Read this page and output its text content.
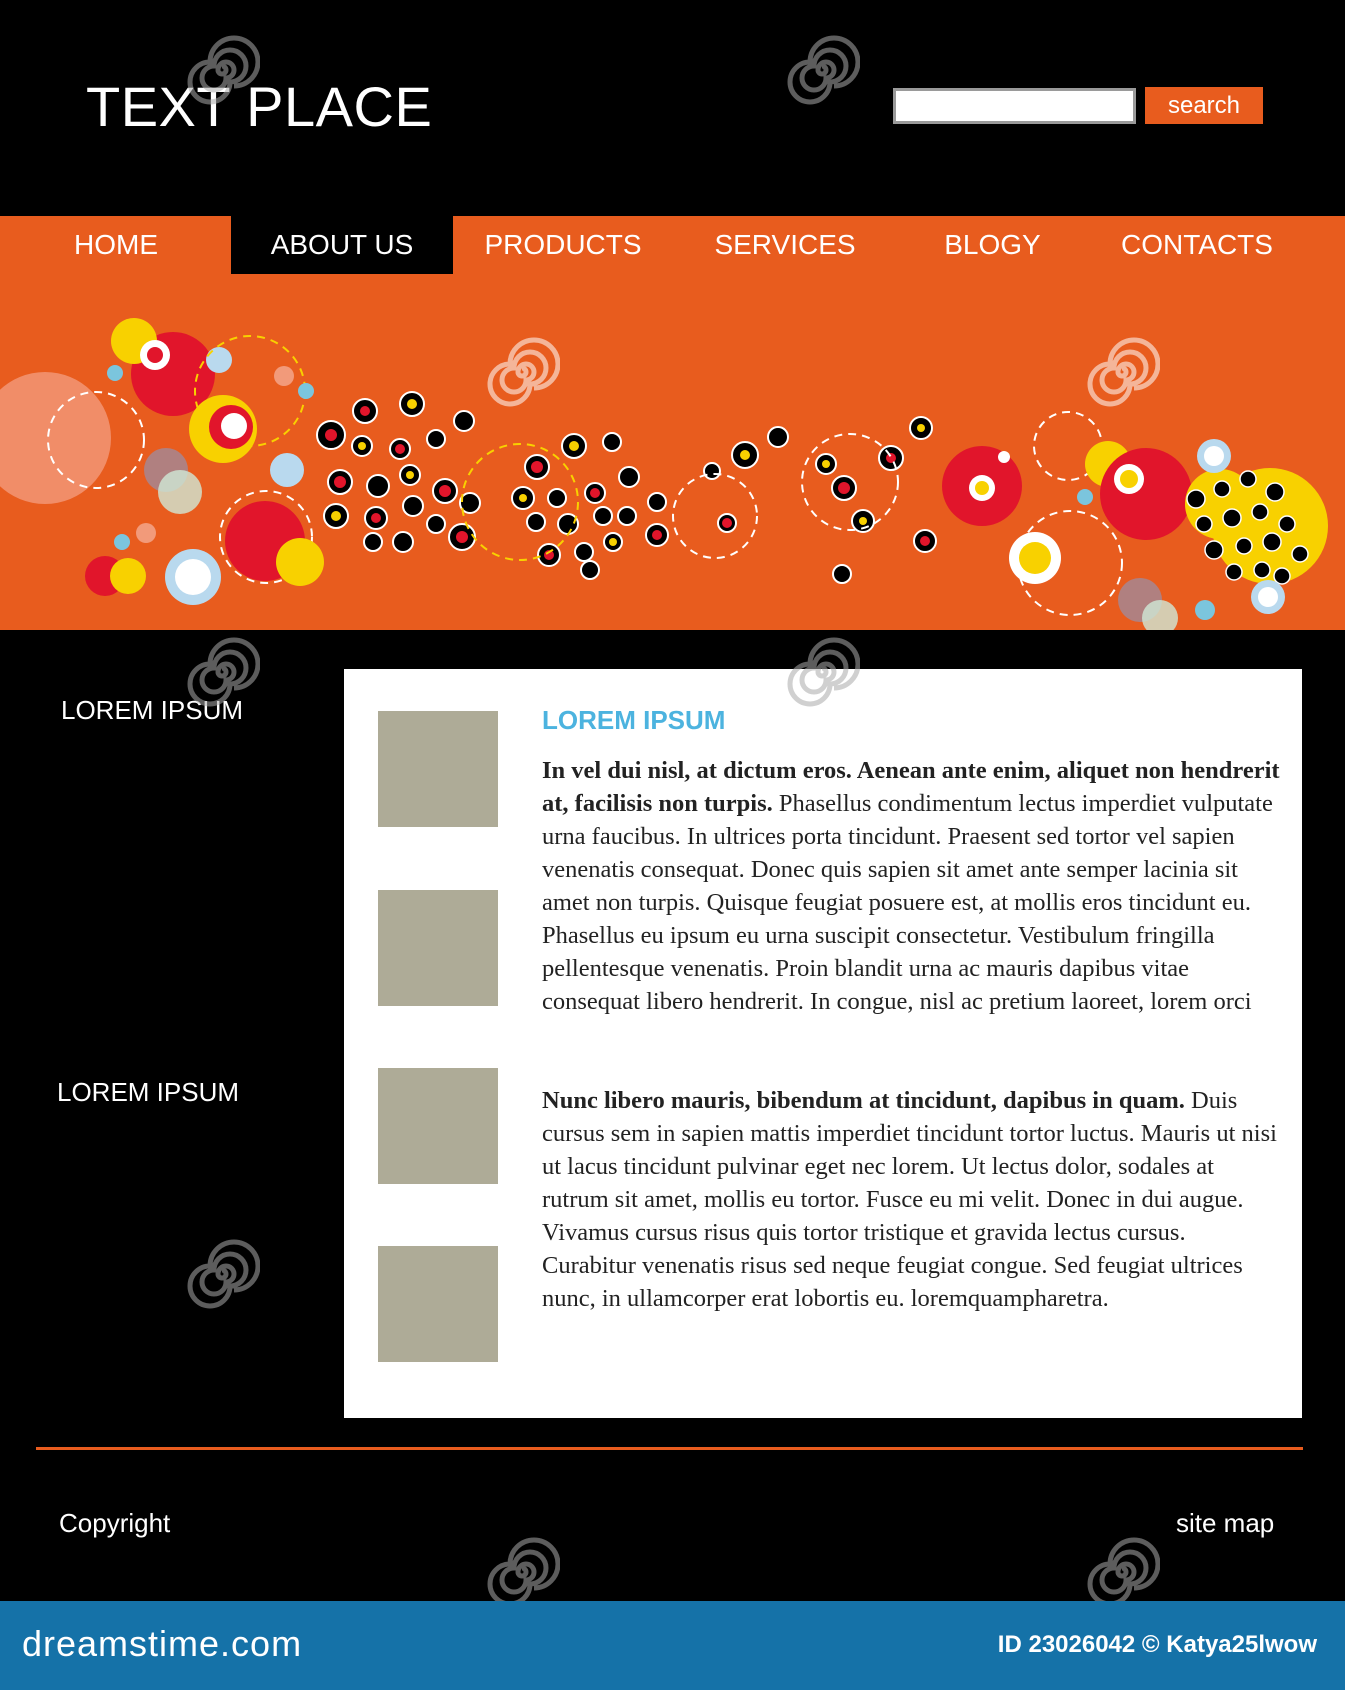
TEXT PLACE	search
HOME	ABOUT US	PRODUCTS	SERVICES	BLOGY	CONTACTS
LOREM IPSUM
LOREM IPSUM
LOREM IPSUM
In vel dui nisl, at dictum eros. Aenean ante enim, aliquet non hendrerit at, facilisis non turpis. Phasellus condimentum lectus imperdiet vulputate urna faucibus. In ultrices porta tincidunt. Praesent sed tortor vel sapien venenatis consequat. Donec quis sapien sit amet ante semper lacinia sit amet non turpis. Quisque feugiat posuere est, at mollis eros tincidunt eu. Phasellus eu ipsum eu urna suscipit consectetur. Vestibulum fringilla pellentesque venenatis. Proin blandit urna ac mauris dapibus vitae consequat libero hendrerit. In congue, nisl ac pretium laoreet, lorem orci
Nunc libero mauris, bibendum at tincidunt, dapibus in quam. Duis cursus sem in sapien mattis imperdiet tincidunt tortor luctus. Mauris ut nisi ut lacus tincidunt pulvinar eget nec lorem. Ut lectus dolor, sodales at rutrum sit amet, mollis eu tortor. Fusce eu mi velit. Donec in dui augue. Vivamus cursus risus quis tortor tristique et gravida lectus cursus. Curabitur venenatis risus sed neque feugiat congue. Sed feugiat ultrices nunc, in ullamcorper erat lobortis eu. loremquampharetra.
Copyright	site map
dreamstime.com	ID 23026042 © Katya25lwow
